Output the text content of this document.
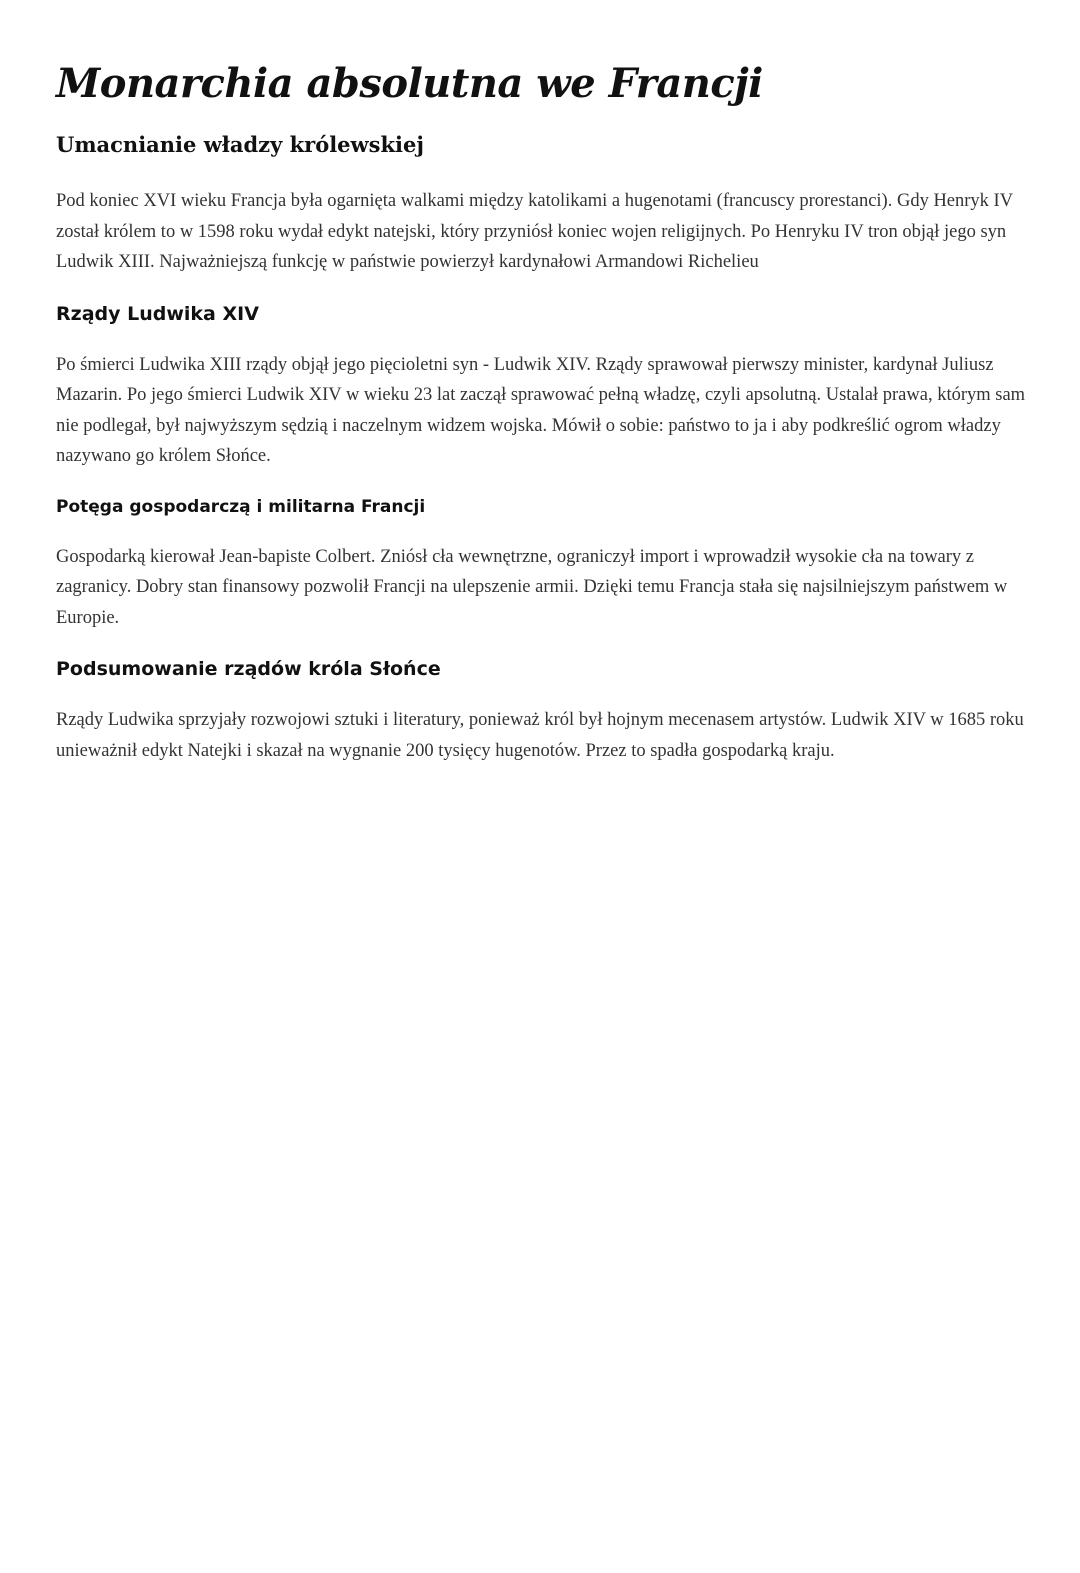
Monarchia absolutna we Francji
Umacnianie władzy królewskiej

Pod koniec XVI wieku Francja była ogarnięta walkami między katolikami a hugenotami (francuscy prorestanci). Gdy Henryk IV został królem to w 1598 roku wydał edykt natejski, który przyniósł koniec wojen religijnych. Po Henryku IV tron objął jego syn Ludwik XIII. Najważniejszą funkcję w państwie powierzył kardynałowi Armandowi Richelieu

Rządy Ludwika XIV

Po śmierci Ludwika XIII rządy objął jego pięcioletni syn - Ludwik XIV. Rządy sprawował pierwszy minister, kardynał Juliusz Mazarin. Po jego śmierci Ludwik XIV w wieku 23 lat zaczął sprawować pełną władzę, czyli apsolutną. Ustalał prawa, którym sam nie podlegał, był najwyższym sędzią i naczelnym widzem wojska. Mówił o sobie: państwo to ja i aby podkreślić ogrom władzy nazywano go królem Słońce.

Potęga gospodarczą i militarna Francji

Gospodarką kierował Jean-bapiste Colbert. Zniósł cła wewnętrzne, ograniczył import i wprowadził wysokie cła na towary z zagranicy. Dobry stan finansowy pozwolił Francji na ulepszenie armii. Dzięki temu Francja stała się najsilniejszym państwem w Europie.

Podsumowanie rządów króla Słońce

Rządy Ludwika sprzyjały rozwojowi sztuki i literatury, ponieważ król był hojnym mecenasem artystów. Ludwik XIV w 1685 roku unieważnił edykt Natejki i skazał na wygnanie 200 tysięcy hugenotów. Przez to spadła gospodarką kraju.
